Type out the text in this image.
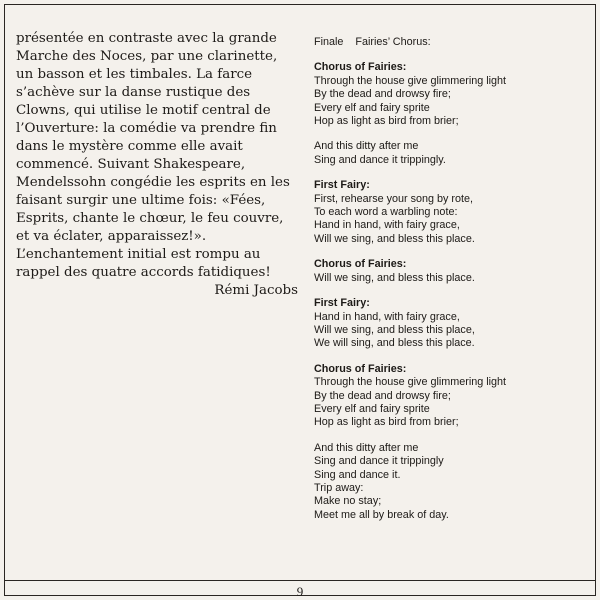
présentée en contraste avec la grande Marche des Noces, par une clarinette, un basson et les timbales. La farce s’achève sur la danse rustique des Clowns, qui utilise le motif central de l’Ouverture: la comédie va prendre fin dans le mystère comme elle avait commencé. Suivant Shakespeare, Mendelssohn congédie les esprits en les faisant surgir une ultime fois: «Fées, Esprits, chante le chœur, le feu couvre, et va éclater, apparaissez!». L’enchantement initial est rompu au rappel des quatre accords fatidiques!

Rémi Jacobs
Finale    Fairies’ Chorus:
Chorus of Fairies:
Through the house give glimmering light
By the dead and drowsy fire;
Every elf and fairy sprite
Hop as light as bird from brier;
And this ditty after me
Sing and dance it trippingly.
First Fairy:
First, rehearse your song by rote,
To each word a warbling note:
Hand in hand, with fairy grace,
Will we sing, and bless this place.
Chorus of Fairies:
Will we sing, and bless this place.
First Fairy:
Hand in hand, with fairy grace,
Will we sing, and bless this place,
We will sing, and bless this place.
Chorus of Fairies:
Through the house give glimmering light
By the dead and drowsy fire;
Every elf and fairy sprite
Hop as light as bird from brier;
And this ditty after me
Sing and dance it trippingly
Sing and dance it.
Trip away:
Make no stay;
Meet me all by break of day.
9
